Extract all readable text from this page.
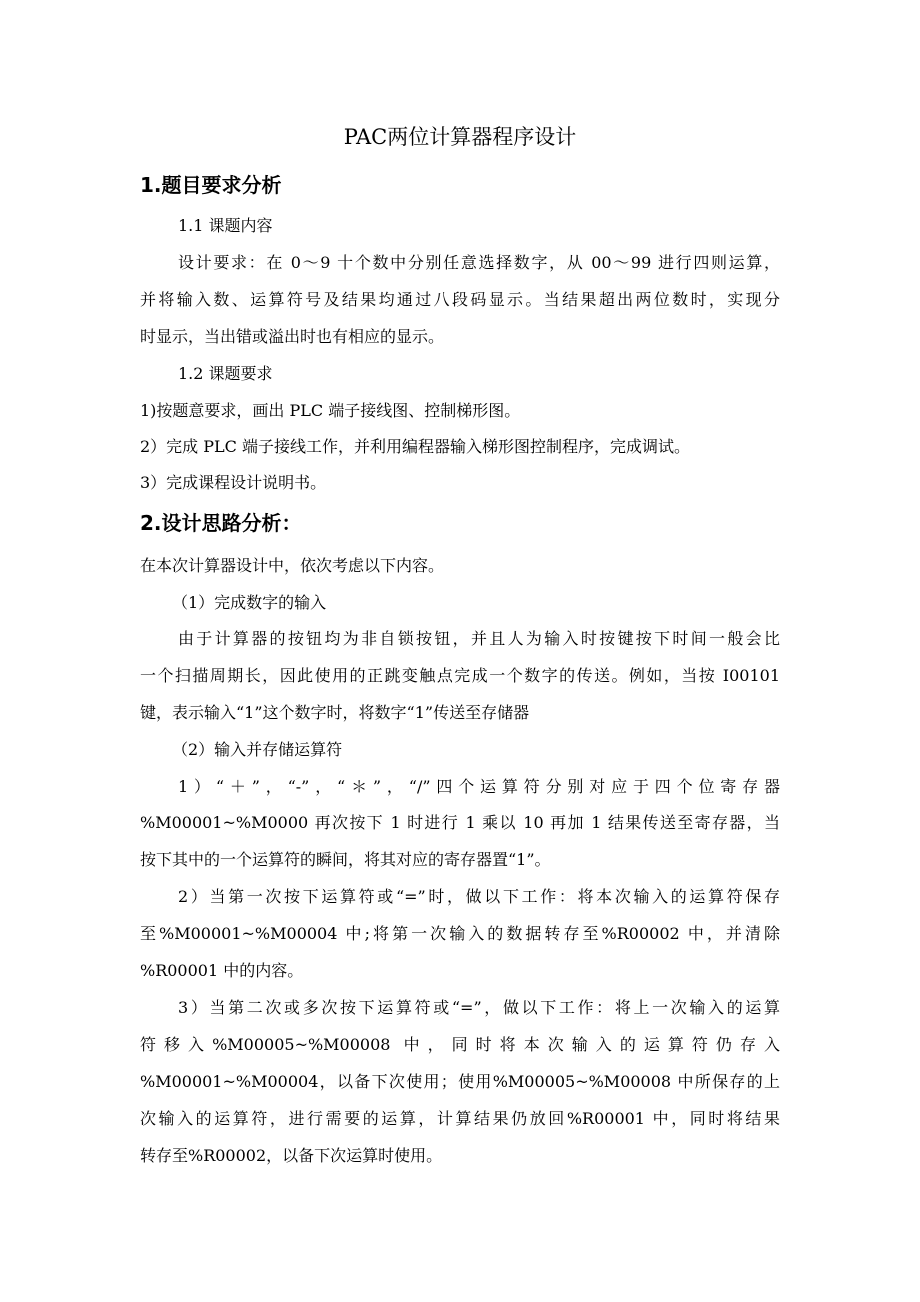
PAC两位计算器程序设计
1.题目要求分析
1.1 课题内容
设计要求：在 0～9 十个数中分别任意选择数字，从 00～99 进行四则运算，
并将输入数、运算符号及结果均通过八段码显示。当结果超出两位数时，实现分
时显示，当出错或溢出时也有相应的显示。
1.2 课题要求
1)按题意要求，画出 PLC 端子接线图、控制梯形图。
2）完成 PLC 端子接线工作，并利用编程器输入梯形图控制程序，完成调试。
3）完成课程设计说明书。
2.设计思路分析：
在本次计算器设计中，依次考虑以下内容。
（1）完成数字的输入
由于计算器的按钮均为非自锁按钮，并且人为输入时按键按下时间一般会比
一个扫描周期长，因此使用的正跳变触点完成一个数字的传送。例如，当按 I00101
键，表示输入“1”这个数字时，将数字“1”传送至存储器
（2）输入并存储运算符
1）“＋”，“-”，“＊”，“/”四个运算符分别对应于四个位寄存器
%M00001~%M0000 再次按下 1 时进行 1 乘以 10 再加 1 结果传送至寄存器，当
按下其中的一个运算符的瞬间，将其对应的寄存器置“1”。
2）当第一次按下运算符或“=”时，做以下工作：将本次输入的运算符保存
至%M00001~%M00004 中;将第一次输入的数据转存至%R00002 中，并清除
%R00001 中的内容。
3）当第二次或多次按下运算符或“=”，做以下工作：将上一次输入的运算
符移入%M00005~%M00008 中，同时将本次输入的运算符仍存入
%M00001~%M00004，以备下次使用；使用%M00005~%M00008 中所保存的上
次输入的运算符，进行需要的运算，计算结果仍放回%R00001 中，同时将结果
转存至%R00002，以备下次运算时使用。
